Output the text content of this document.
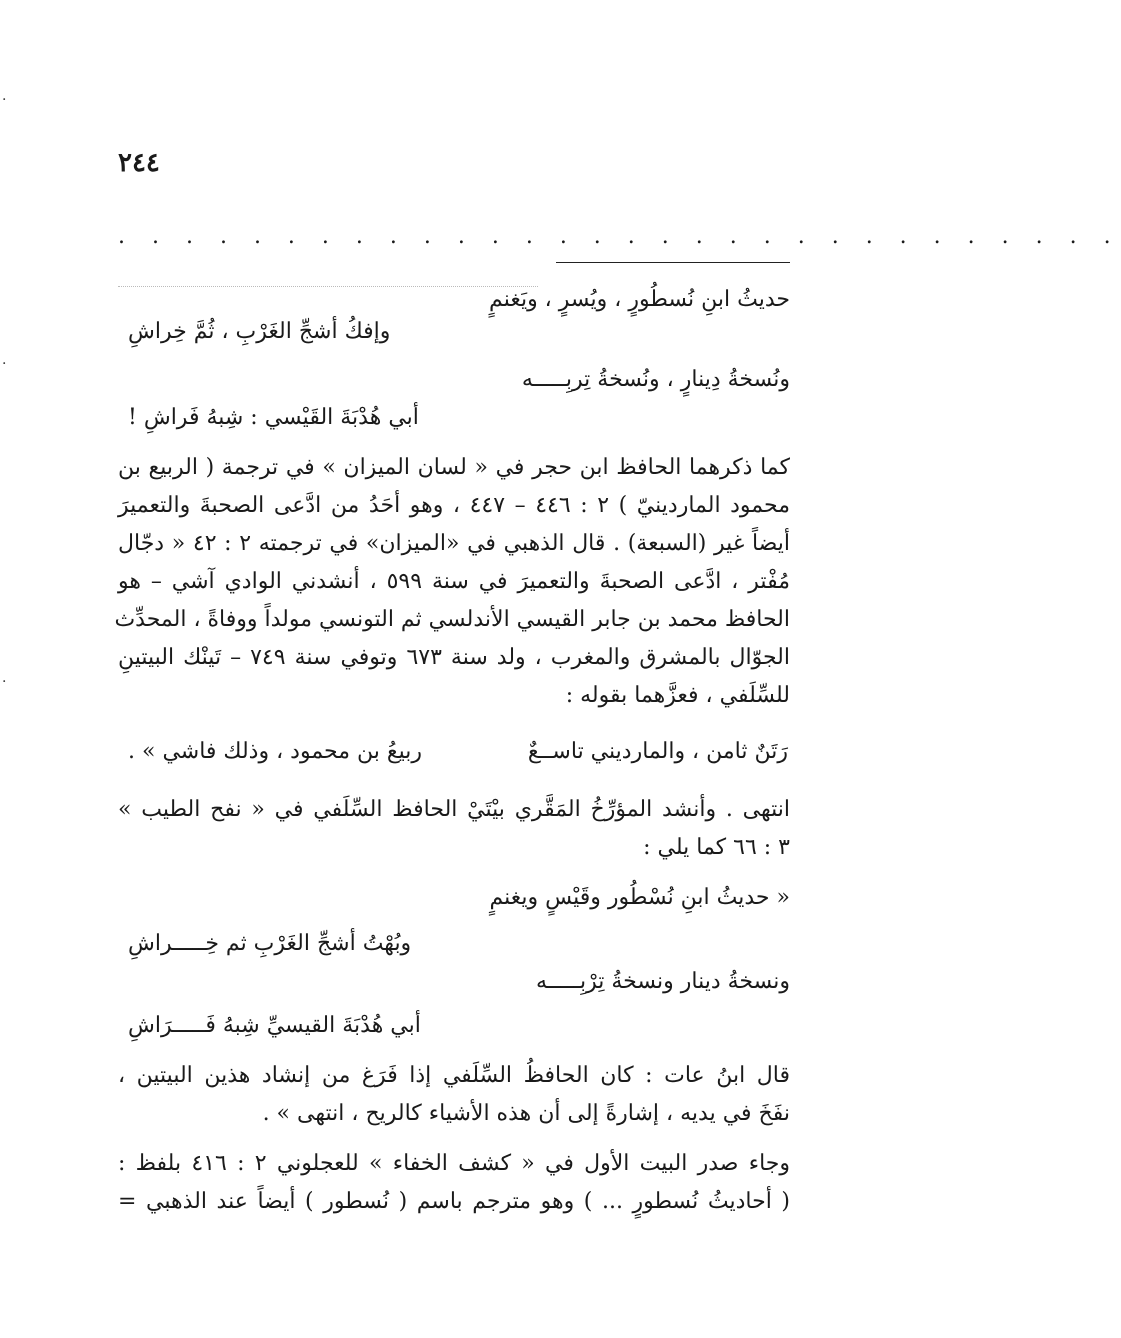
٢٤٤
. . . . . . . . . . . . . . . . . . . . . . . . . . . . . .
حديثُ ابنِ نُسطُورٍ ، ويُسرٍ ، ويَغنمٍ
وإفكُ أشجِّ الغَرْبِ ، ثُمَّ خِراشِ
ونُسخةُ دِينارٍ ، ونُسخةُ تِربِـــــه
أبي هُدْبَةَ القَيْسي : شِبهُ فَراشِ !
كما ذكرهما الحافظ ابن حجر في « لسان الميزان » في ترجمة ( الربيع بن
محمود الماردينيّ ) ٢ : ٤٤٦ – ٤٤٧ ، وهو أحَدُ من ادَّعى الصحبةَ والتعميرَ
أيضاً غير (السبعة) . قال الذهبي في «الميزان» في ترجمته ٢ : ٤٢ « دجّال
مُفْتر ، ادَّعى الصحبةَ والتعميرَ في سنة ٥٩٩ ، أنشدني الوادي آشي – هو
الحافظ محمد بن جابر القيسي الأندلسي ثم التونسي مولداً ووفاةً ، المحدِّث
الجوّال بالمشرق والمغرب ، ولد سنة ٦٧٣ وتوفي سنة ٧٤٩ – تَينْك البيتينِ
للسِّلَفي ، فعزَّهما بقوله :
رَتَنٌ ثامن ، والمارديني تاســعٌ
ربيعُ بن محمود ، وذلك فاشي » .
انتهى . وأنشد المؤرِّخُ المَقَّري بيْتَيْ الحافظ السِّلَفي في « نفح الطيب »
٣ : ٦٦ كما يلي :
« حديثُ ابنِ نُسْطُور وقَيْسٍ ويغنمٍ
وبُهْتُ أشجِّ الغَرْبِ ثم خِـــــراشِ
ونسخةُ دينار ونسخةُ تِرْبِـــــه
أبي هُدْبَةَ القيسيِّ شِبهُ فَـــــرَاشِ
قال ابنُ عات : كان الحافظُ السِّلَفي إذا فَرَغ من إنشاد هذين البيتين ،
نفَخَ في يديه ، إشارةً إلى أن هذه الأشياء كالريح ، انتهى » .
وجاء صدر البيت الأول في « كشف الخفاء » للعجلوني ٢ : ٤١٦ بلفظ :
( أحاديثُ نُسطورٍ ... ) وهو مترجم باسم ( نُسطور ) أيضاً عند الذهبي =
·
·
·
